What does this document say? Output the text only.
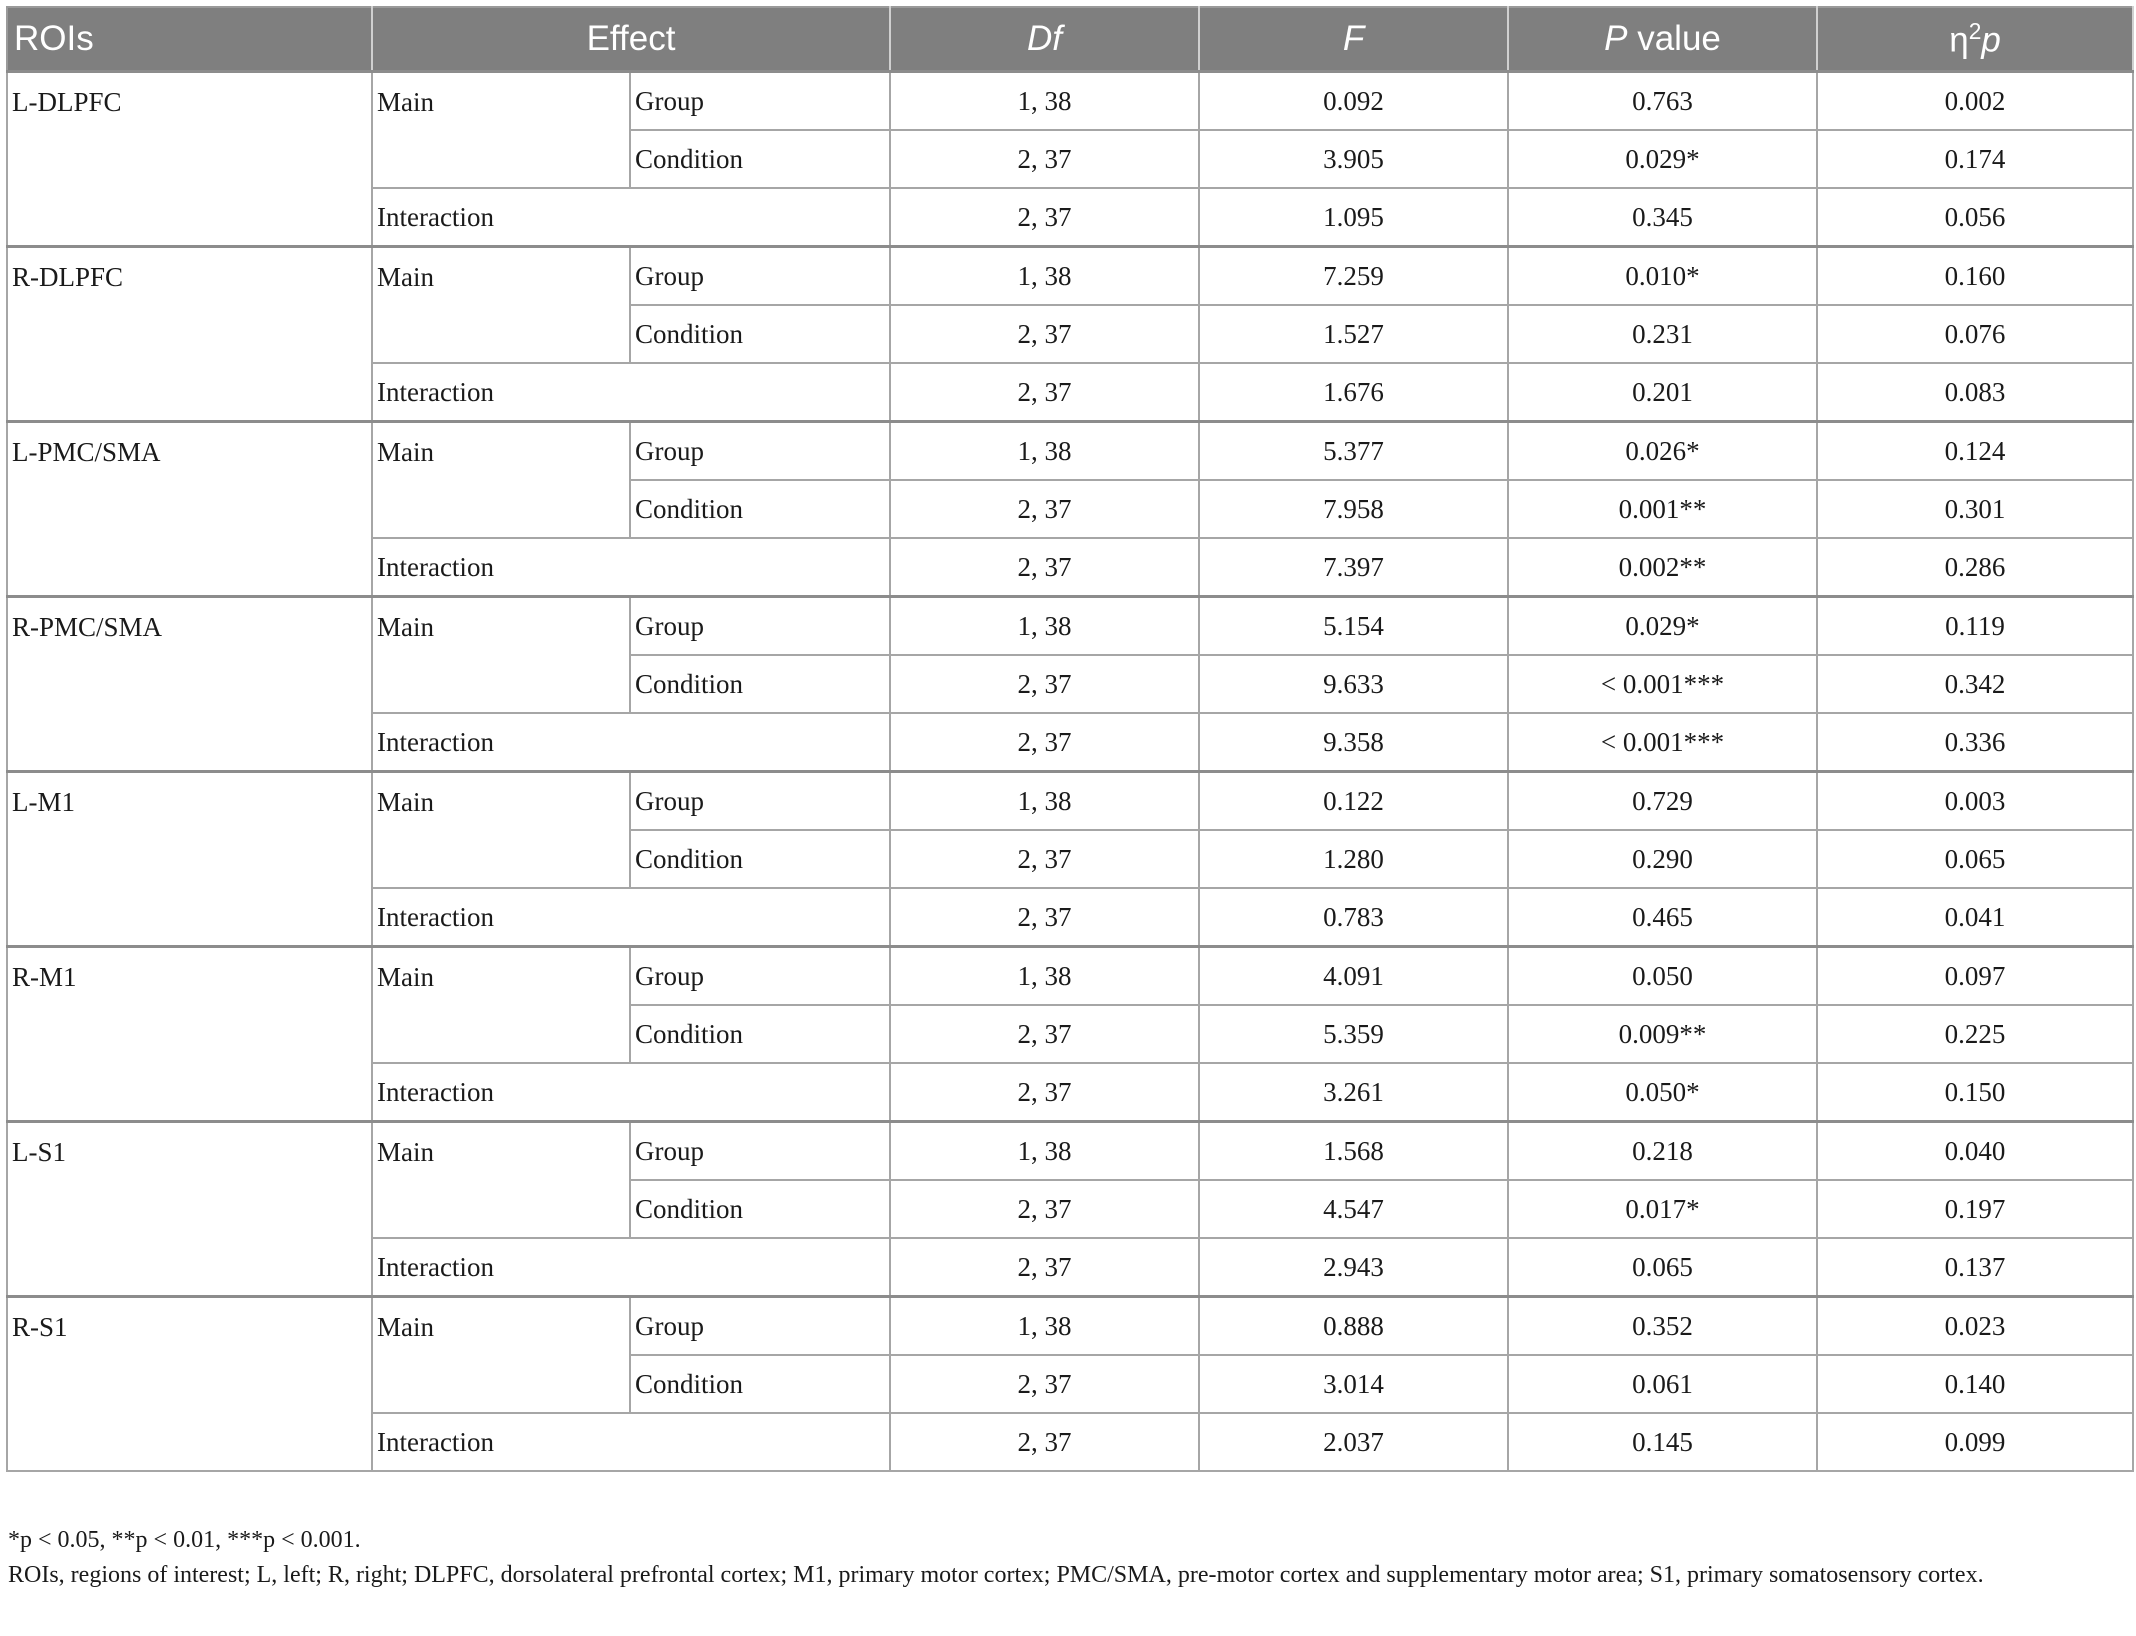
ROIs	Effect		Df	F	P value	$\eta^2p$
L-DLPFC	Main	Group	1, 38	0.092	0.763	0.002
		Condition	2, 37	3.905	0.029*	0.174
	Interaction		2, 37	1.095	0.345	0.056
R-DLPFC	Main	Group	1, 38	7.259	0.010*	0.160
		Condition	2, 37	1.527	0.231	0.076
	Interaction		2, 37	1.676	0.201	0.083
L-PMC/SMA	Main	Group	1, 38	5.377	0.026*	0.124
		Condition	2, 37	7.958	0.001**	0.301
	Interaction		2, 37	7.397	0.002**	0.286
R-PMC/SMA	Main	Group	1, 38	5.154	0.029*	0.119
		Condition	2, 37	9.633	< 0.001***	0.342
	Interaction		2, 37	9.358	< 0.001***	0.336
L-M1	Main	Group	1, 38	0.122	0.729	0.003
		Condition	2, 37	1.280	0.290	0.065
	Interaction		2, 37	0.783	0.465	0.041
R-M1	Main	Group	1, 38	4.091	0.050	0.097
		Condition	2, 37	5.359	0.009**	0.225
	Interaction		2, 37	3.261	0.050*	0.150
L-S1	Main	Group	1, 38	1.568	0.218	0.040
		Condition	2, 37	4.547	0.017*	0.197
	Interaction		2, 37	2.943	0.065	0.137
R-S1	Main	Group	1, 38	0.888	0.352	0.023
		Condition	2, 37	3.014	0.061	0.140
	Interaction		2, 37	2.037	0.145	0.099

*p < 0.05, **p < 0.01, ***p < 0.001.

ROIs, regions of interest; L, left; R, right; DLPFC, dorsolateral prefrontal cortex; M1, primary motor cortex; PMC/SMA, pre-motor cortex and supplementary motor area; S1, primary somatosensory cortex.
